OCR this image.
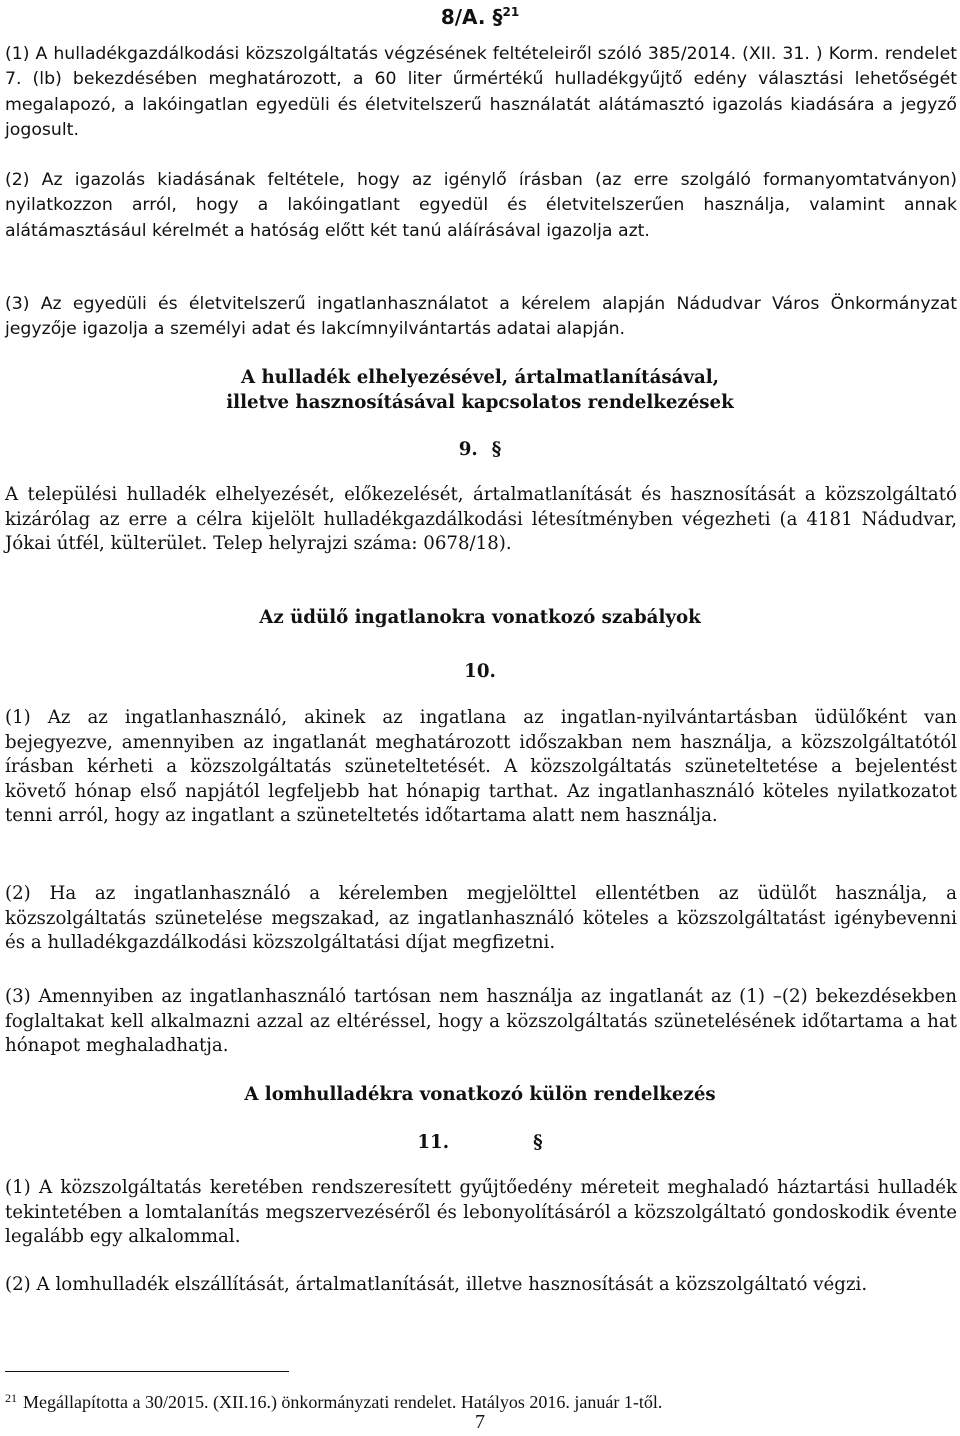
8/A. §$^{21}$

(1) A hulladékgazdálkodási közszolgáltatás végzésének feltételeiről szóló 385/2014. (XII. 31. ) Korm. rendelet 7. (lb) bekezdésében meghatározott, a 60 liter űrmértékű hulladékgyűjtő edény választási lehetőségét megalapozó, a lakóingatlan egyedüli és életvitelszerű használatát alátámasztó igazolás kiadására a jegyző jogosult.

(2) Az igazolás kiadásának feltétele, hogy az igénylő írásban (az erre szolgáló formanyomtatványon) nyilatkozzon arról, hogy a lakóingatlant egyedül és életvitelszerűen használja, valamint annak alátámasztásául kérelmét a hatóság előtt két tanú aláírásával igazolja azt.

(3) Az egyedüli és életvitelszerű ingatlanhasználatot a kérelem alapján Nádudvar Város Önkormányzat jegyzője igazolja a személyi adat és lakcímnyilvántartás adatai alapján.

A hulladék elhelyezésével, ártalmatlanításával,
illetve hasznosításával kapcsolatos rendelkezések
9. §

A települési hulladék elhelyezését, előkezelését, ártalmatlanítását és hasznosítását a közszolgáltató kizárólag az erre a célra kijelölt hulladékgazdálkodási létesítményben végezheti (a 4181 Nádudvar, Jókai útfél, külterület. Telep helyrajzi száma: 0678/18).

Az üdülő ingatlanokra vonatkozó szabályok
10.

(1) Az az ingatlanhasználó, akinek az ingatlana az ingatlan-nyilvántartásban üdülőként van bejegyezve, amennyiben az ingatlanát meghatározott időszakban nem használja, a közszolgáltatótól írásban kérheti a közszolgáltatás szüneteltetését. A közszolgáltatás szüneteltetése a bejelentést követő hónap első napjától legfeljebb hat hónapig tarthat. Az ingatlanhasználó köteles nyilatkozatot tenni arról, hogy az ingatlant a szüneteltetés időtartama alatt nem használja.

(2) Ha az ingatlanhasználó a kérelemben megjelölttel ellentétben az üdülőt használja, a közszolgáltatás szünetelése megszakad, az ingatlanhasználó köteles a közszolgáltatást igénybevenni és a hulladékgazdálkodási közszolgáltatási díjat megfizetni.

(3) Amennyiben az ingatlanhasználó tartósan nem használja az ingatlanát az (1) –(2) bekezdésekben foglaltakat kell alkalmazni azzal az eltéréssel, hogy a közszolgáltatás szünetelésének időtartama a hat hónapot meghaladhatja.

A lomhulladékra vonatkozó külön rendelkezés
11.	§

(1) A közszolgáltatás keretében rendszeresített gyűjtőedény méreteit meghaladó háztartási hulladék tekintetében a lomtalanítás megszervezéséről és lebonyolításáról a közszolgáltató gondoskodik évente legalább egy alkalommal.

(2) A lomhulladék elszállítását, ártalmatlanítását, illetve hasznosítását a közszolgáltató végzi.

$^{21}$ Megállapította a 30/2015. (XII.16.) önkormányzati rendelet. Hatályos 2016. január 1-től.

7
